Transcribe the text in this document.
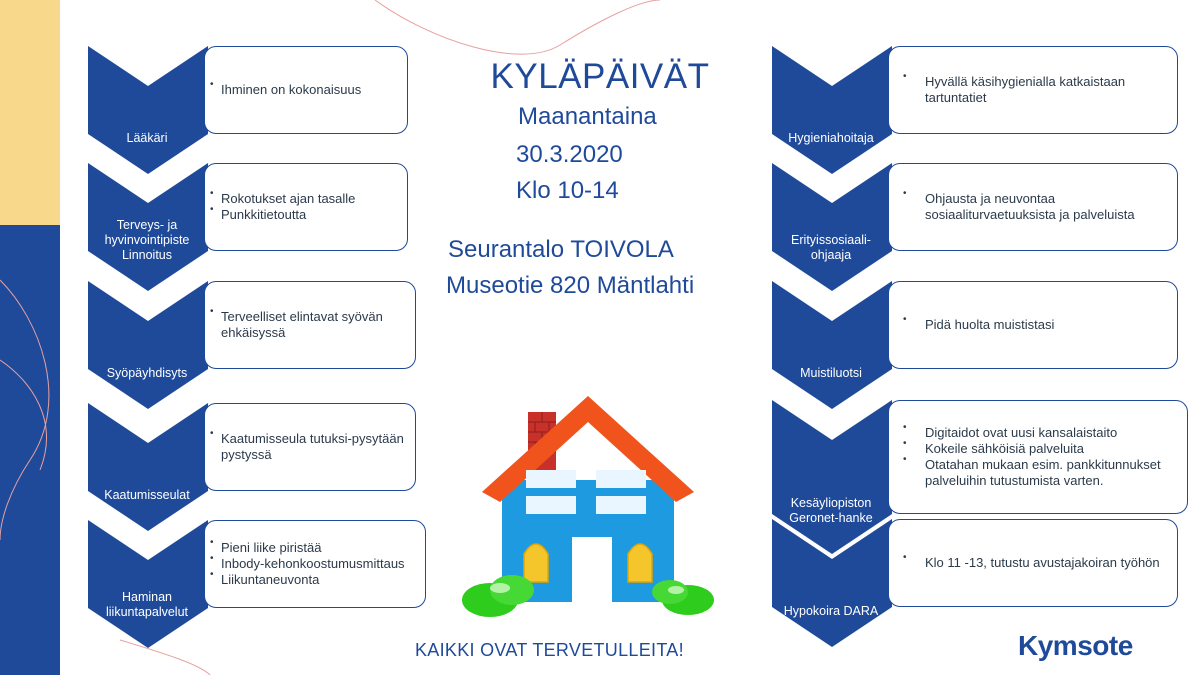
KYLÄPÄIVÄT
Maanantaina
30.3.2020
Klo 10-14
Seurantalo TOIVOLA
Museotie 820 Mäntlahti
KAIKKI OVAT TERVETULLEITA!	Kymsote
Lääkäri
• Ihminen on kokonaisuus
Terveys- ja hyvinvointipiste Linnoitus
• Rokotukset ajan tasalle
• Punkkitietoutta
Syöpäyhdisyts
• Terveelliset elintavat syövän ehkäisyssä
Kaatumisseulat
• Kaatumisseula tutuksi-pysytään pystyssä
Haminan liikuntapalvelut
• Pieni liike piristää
• Inbody-kehonkoostumusmittaus
• Liikuntaneuvonta
Hygieniahoitaja
• Hyvällä käsihygienialla katkaistaan tartuntatiet
Erityissosiaali-ohjaaja
• Ohjausta ja neuvontaa sosiaaliturvaetuuksista ja palveluista
Muistiluotsi
• Pidä huolta muististasi
Kesäyliopiston Geronet-hanke
• Digitaidot ovat uusi kansalaistaito
• Kokeile sähköisiä palveluita
• Otatahan mukaan esim. pankkitunnukset palveluihin tutustumista varten.
Hypokoira DARA
• Klo 11 -13, tutustu avustajakoiran työhön
